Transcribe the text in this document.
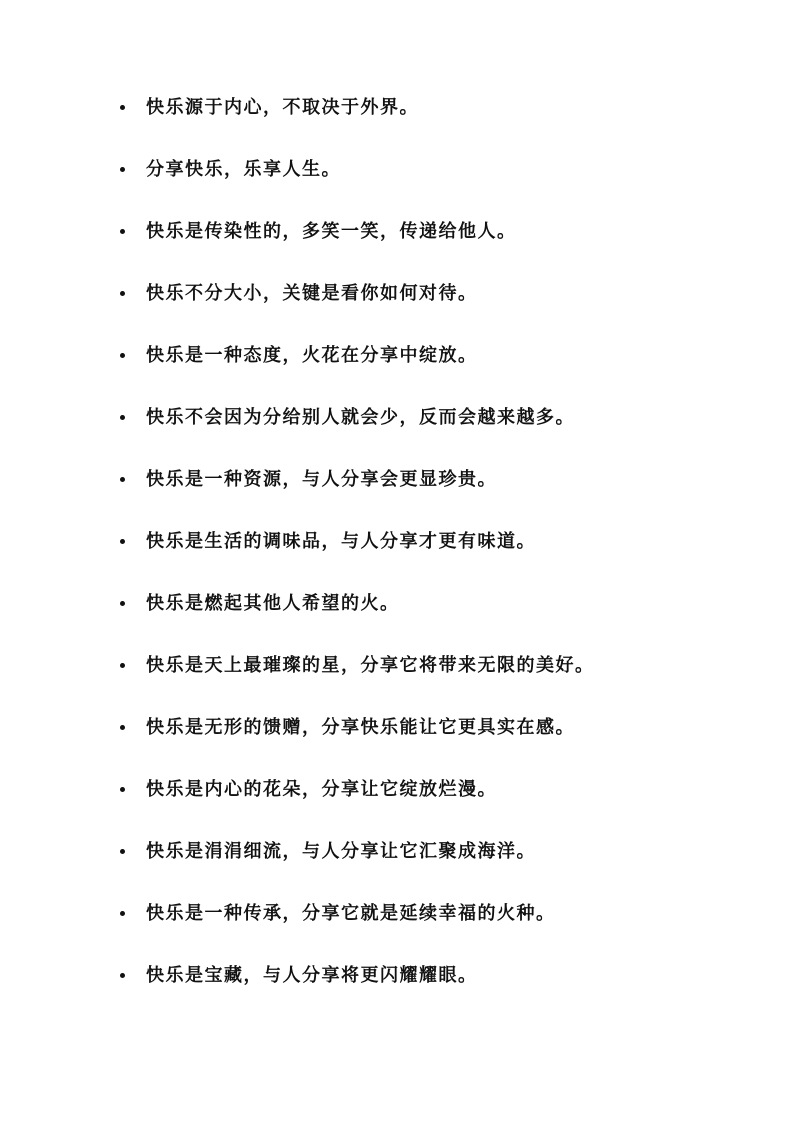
快乐源于内心，不取决于外界。
分享快乐，乐享人生。
快乐是传染性的，多笑一笑，传递给他人。
快乐不分大小，关键是看你如何对待。
快乐是一种态度，火花在分享中绽放。
快乐不会因为分给别人就会少，反而会越来越多。
快乐是一种资源，与人分享会更显珍贵。
快乐是生活的调味品，与人分享才更有味道。
快乐是燃起其他人希望的火。
快乐是天上最璀璨的星，分享它将带来无限的美好。
快乐是无形的馈赠，分享快乐能让它更具实在感。
快乐是内心的花朵，分享让它绽放烂漫。
快乐是涓涓细流，与人分享让它汇聚成海洋。
快乐是一种传承，分享它就是延续幸福的火种。
快乐是宝藏，与人分享将更闪耀耀眼。
